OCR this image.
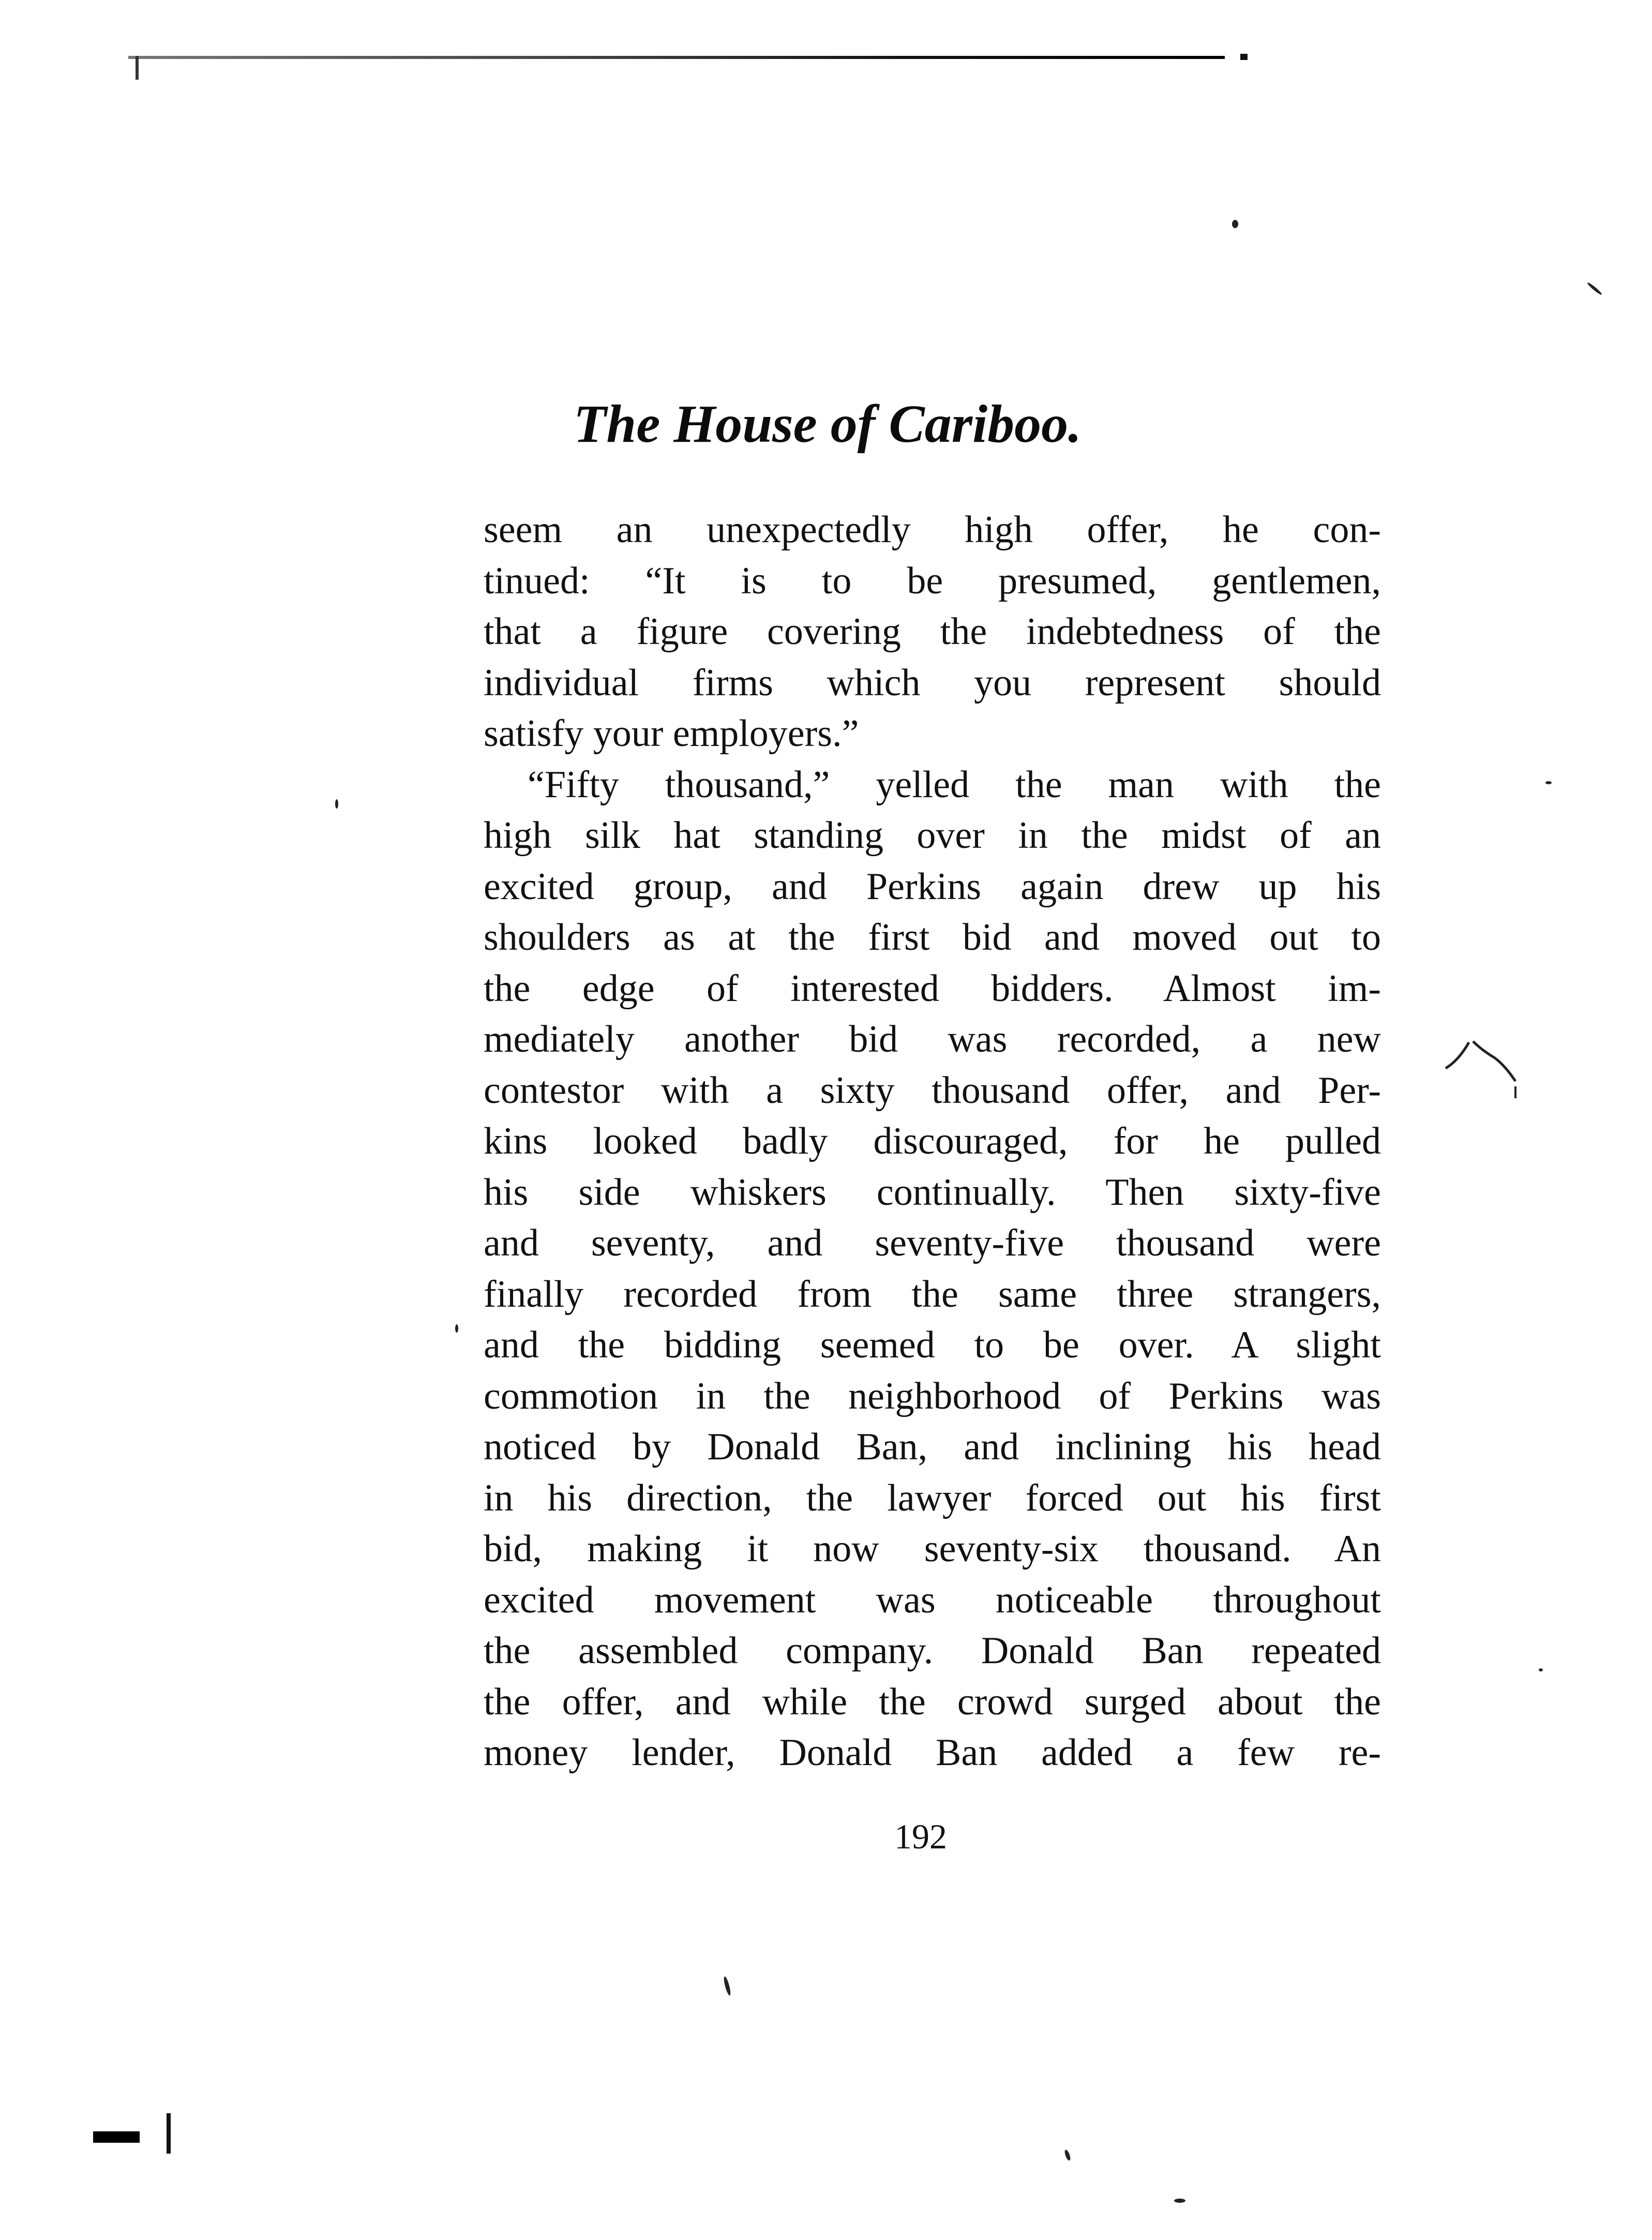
The House of Cariboo.
seem an unexpectedly high offer, he con-
tinued: “It is to be presumed, gentlemen,
that a figure covering the indebtedness of the
individual firms which you represent should
satisfy your employers.”
“Fifty thousand,” yelled the man with the
high silk hat standing over in the midst of an
excited group, and Perkins again drew up his
shoulders as at the first bid and moved out to
the edge of interested bidders. Almost im-
mediately another bid was recorded, a new
contestor with a sixty thousand offer, and Per-
kins looked badly discouraged, for he pulled
his side whiskers continually. Then sixty-five
and seventy, and seventy-five thousand were
finally recorded from the same three strangers,
and the bidding seemed to be over. A slight
commotion in the neighborhood of Perkins was
noticed by Donald Ban, and inclining his head
in his direction, the lawyer forced out his first
bid, making it now seventy-six thousand. An
excited movement was noticeable throughout
the assembled company. Donald Ban repeated
the offer, and while the crowd surged about the
money lender, Donald Ban added a few re-
192
